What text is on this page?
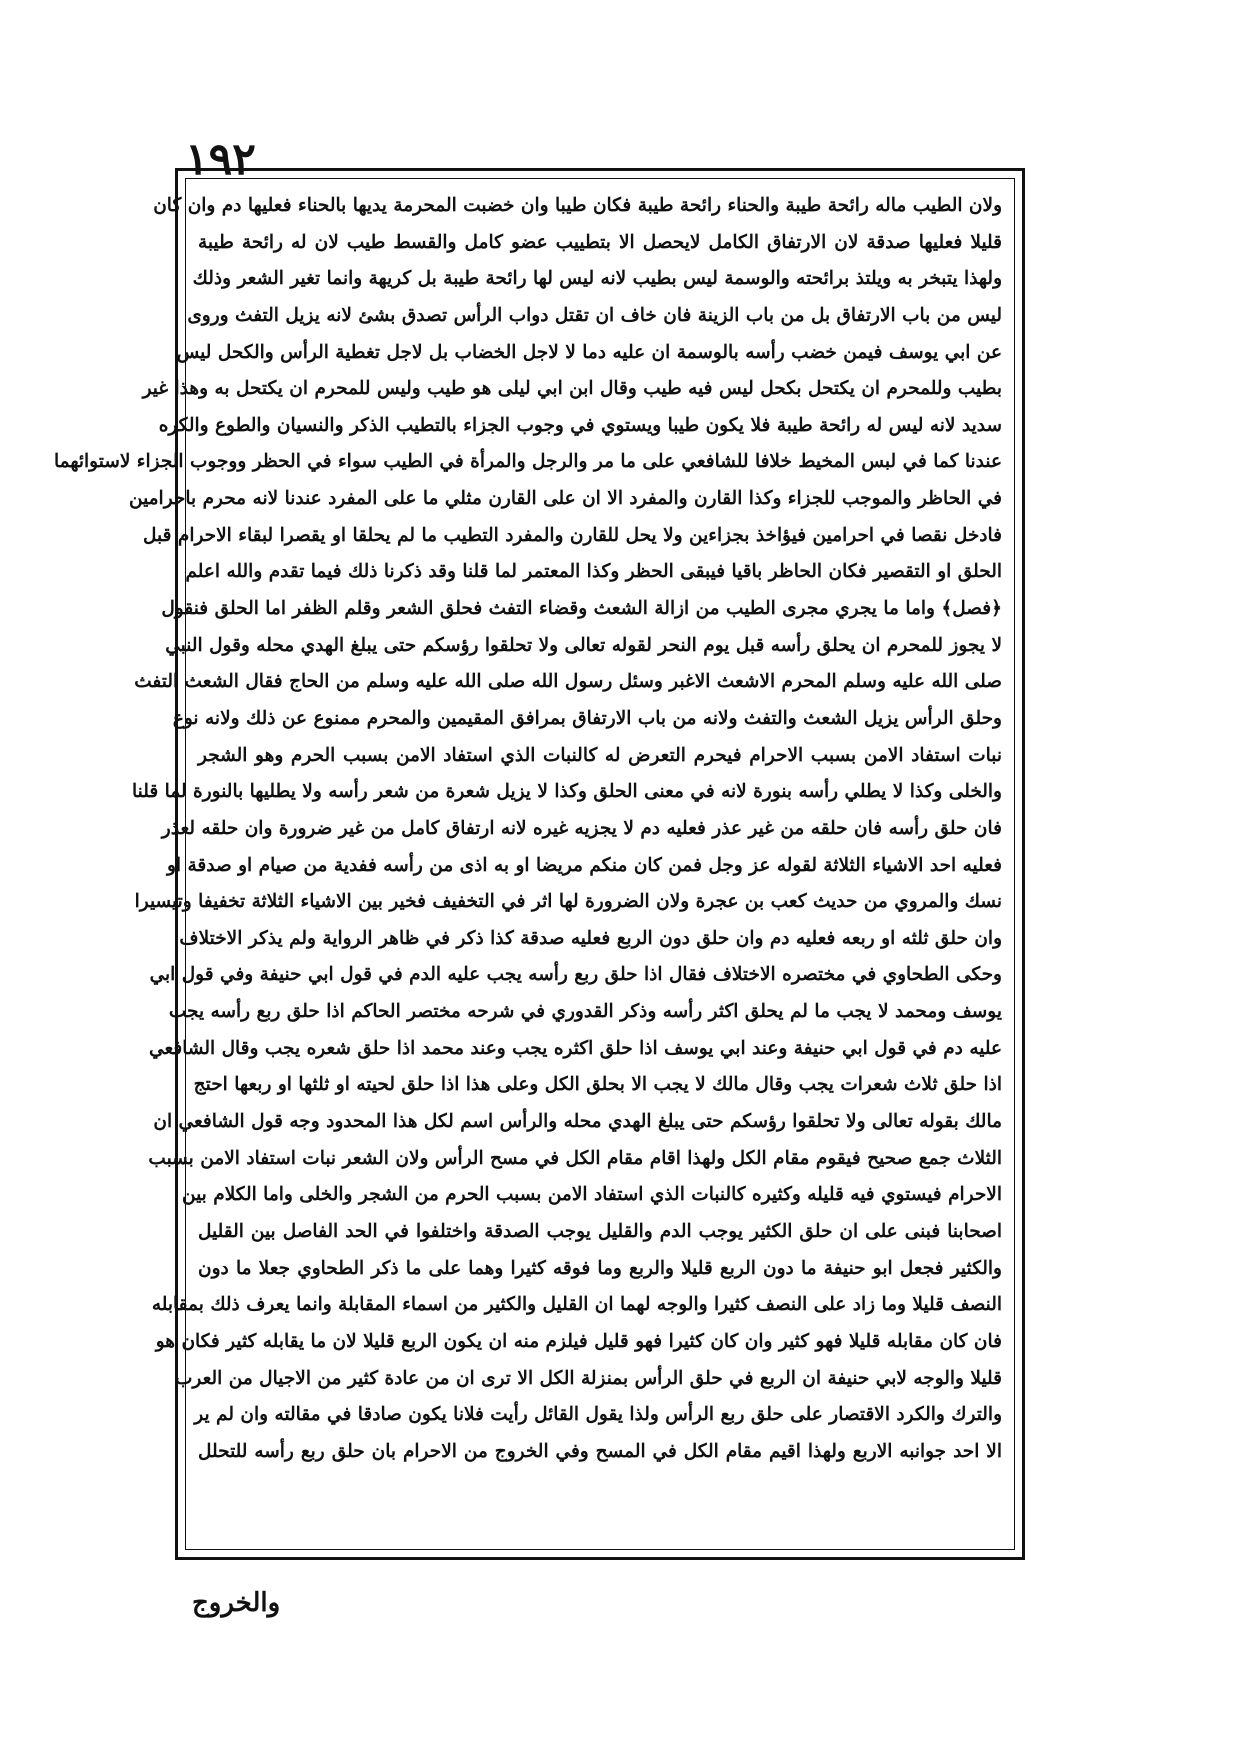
١٩٢
ولان الطيب ماله رائحة طيبة والحناء رائحة طيبة فكان طيبا وان خضبت المحرمة يديها بالحناء فعليها دم وان كان
قليلا فعليها صدقة لان الارتفاق الكامل لايحصل الا بتطييب عضو كامل والقسط طيب لان له رائحة طيبة
ولهذا يتبخر به ويلتذ برائحته والوسمة ليس بطيب لانه ليس لها رائحة طيبة بل كريهة وانما تغير الشعر وذلك
ليس من باب الارتفاق بل من باب الزينة فان خاف ان تقتل دواب الرأس تصدق بشئ لانه يزيل التفث وروى
عن ابي يوسف فيمن خضب رأسه بالوسمة ان عليه دما لا لاجل الخضاب بل لاجل تغطية الرأس والكحل ليس
بطيب وللمحرم ان يكتحل بكحل ليس فيه طيب وقال ابن ابي ليلى هو طيب وليس للمحرم ان يكتحل به وهذا غير
سديد لانه ليس له رائحة طيبة فلا يكون طيبا ويستوي في وجوب الجزاء بالتطيب الذكر والنسيان والطوع والكره
عندنا كما في لبس المخيط خلافا للشافعي على ما مر والرجل والمرأة في الطيب سواء في الحظر ووجوب الجزاء لاستوائهما
في الحاظر والموجب للجزاء وكذا القارن والمفرد الا ان على القارن مثلي ما على المفرد عندنا لانه محرم باحرامين
فادخل نقصا في احرامين فيؤاخذ بجزاءين ولا يحل للقارن والمفرد التطيب ما لم يحلقا او يقصرا لبقاء الاحرام قبل
الحلق او التقصير فكان الحاظر باقيا فيبقى الحظر وكذا المعتمر لما قلنا وقد ذكرنا ذلك فيما تقدم والله اعلم
﴿فصل﴾ واما ما يجري مجرى الطيب من ازالة الشعث وقضاء التفث فحلق الشعر وقلم الظفر اما الحلق فنقول
لا يجوز للمحرم ان يحلق رأسه قبل يوم النحر لقوله تعالى ولا تحلقوا رؤسكم حتى يبلغ الهدي محله وقول النبي
صلى الله عليه وسلم المحرم الاشعث الاغبر وسئل رسول الله صلى الله عليه وسلم من الحاج فقال الشعث التفث
وحلق الرأس يزيل الشعث والتفث ولانه من باب الارتفاق بمرافق المقيمين والمحرم ممنوع عن ذلك ولانه نوع
نبات استفاد الامن بسبب الاحرام فيحرم التعرض له كالنبات الذي استفاد الامن بسبب الحرم وهو الشجر
والخلى وكذا لا يطلي رأسه بنورة لانه في معنى الحلق وكذا لا يزيل شعرة من شعر رأسه ولا يطليها بالنورة لما قلنا
فان حلق رأسه فان حلقه من غير عذر فعليه دم لا يجزيه غيره لانه ارتفاق كامل من غير ضرورة وان حلقه لعذر
فعليه احد الاشياء الثلاثة لقوله عز وجل فمن كان منكم مريضا او به اذى من رأسه ففدية من صيام او صدقة او
نسك والمروي من حديث كعب بن عجرة ولان الضرورة لها اثر في التخفيف فخير بين الاشياء الثلاثة تخفيفا وتيسيرا
وان حلق ثلثه او ربعه فعليه دم وان حلق دون الربع فعليه صدقة كذا ذكر في ظاهر الرواية ولم يذكر الاختلاف
وحكى الطحاوي في مختصره الاختلاف فقال اذا حلق ربع رأسه يجب عليه الدم في قول ابي حنيفة وفي قول ابي
يوسف ومحمد لا يجب ما لم يحلق اكثر رأسه وذكر القدوري في شرحه مختصر الحاكم اذا حلق ربع رأسه يجب
عليه دم في قول ابي حنيفة وعند ابي يوسف اذا حلق اكثره يجب وعند محمد اذا حلق شعره يجب وقال الشافعي
اذا حلق ثلاث شعرات يجب وقال مالك لا يجب الا بحلق الكل وعلى هذا اذا حلق لحيته او ثلثها او ربعها احتج
مالك بقوله تعالى ولا تحلقوا رؤسكم حتى يبلغ الهدي محله والرأس اسم لكل هذا المحدود وجه قول الشافعي ان
الثلاث جمع صحيح فيقوم مقام الكل ولهذا اقام مقام الكل في مسح الرأس ولان الشعر نبات استفاد الامن بسبب
الاحرام فيستوي فيه قليله وكثيره كالنبات الذي استفاد الامن بسبب الحرم من الشجر والخلى واما الكلام بين
اصحابنا فبنى على ان حلق الكثير يوجب الدم والقليل يوجب الصدقة واختلفوا في الحد الفاصل بين القليل
والكثير فجعل ابو حنيفة ما دون الربع قليلا والربع وما فوقه كثيرا وهما على ما ذكر الطحاوي جعلا ما دون
النصف قليلا وما زاد على النصف كثيرا والوجه لهما ان القليل والكثير من اسماء المقابلة وانما يعرف ذلك بمقابله
فان كان مقابله قليلا فهو كثير وان كان كثيرا فهو قليل فيلزم منه ان يكون الربع قليلا لان ما يقابله كثير فكان هو
قليلا والوجه لابي حنيفة ان الربع في حلق الرأس بمنزلة الكل الا ترى ان من عادة كثير من الاجيال من العرب
والترك والكرد الاقتصار على حلق ربع الرأس ولذا يقول القائل رأيت فلانا يكون صادقا في مقالته وان لم ير
الا احد جوانبه الاربع ولهذا اقيم مقام الكل في المسح وفي الخروج من الاحرام بان حلق ربع رأسه للتحلل
والخروج
